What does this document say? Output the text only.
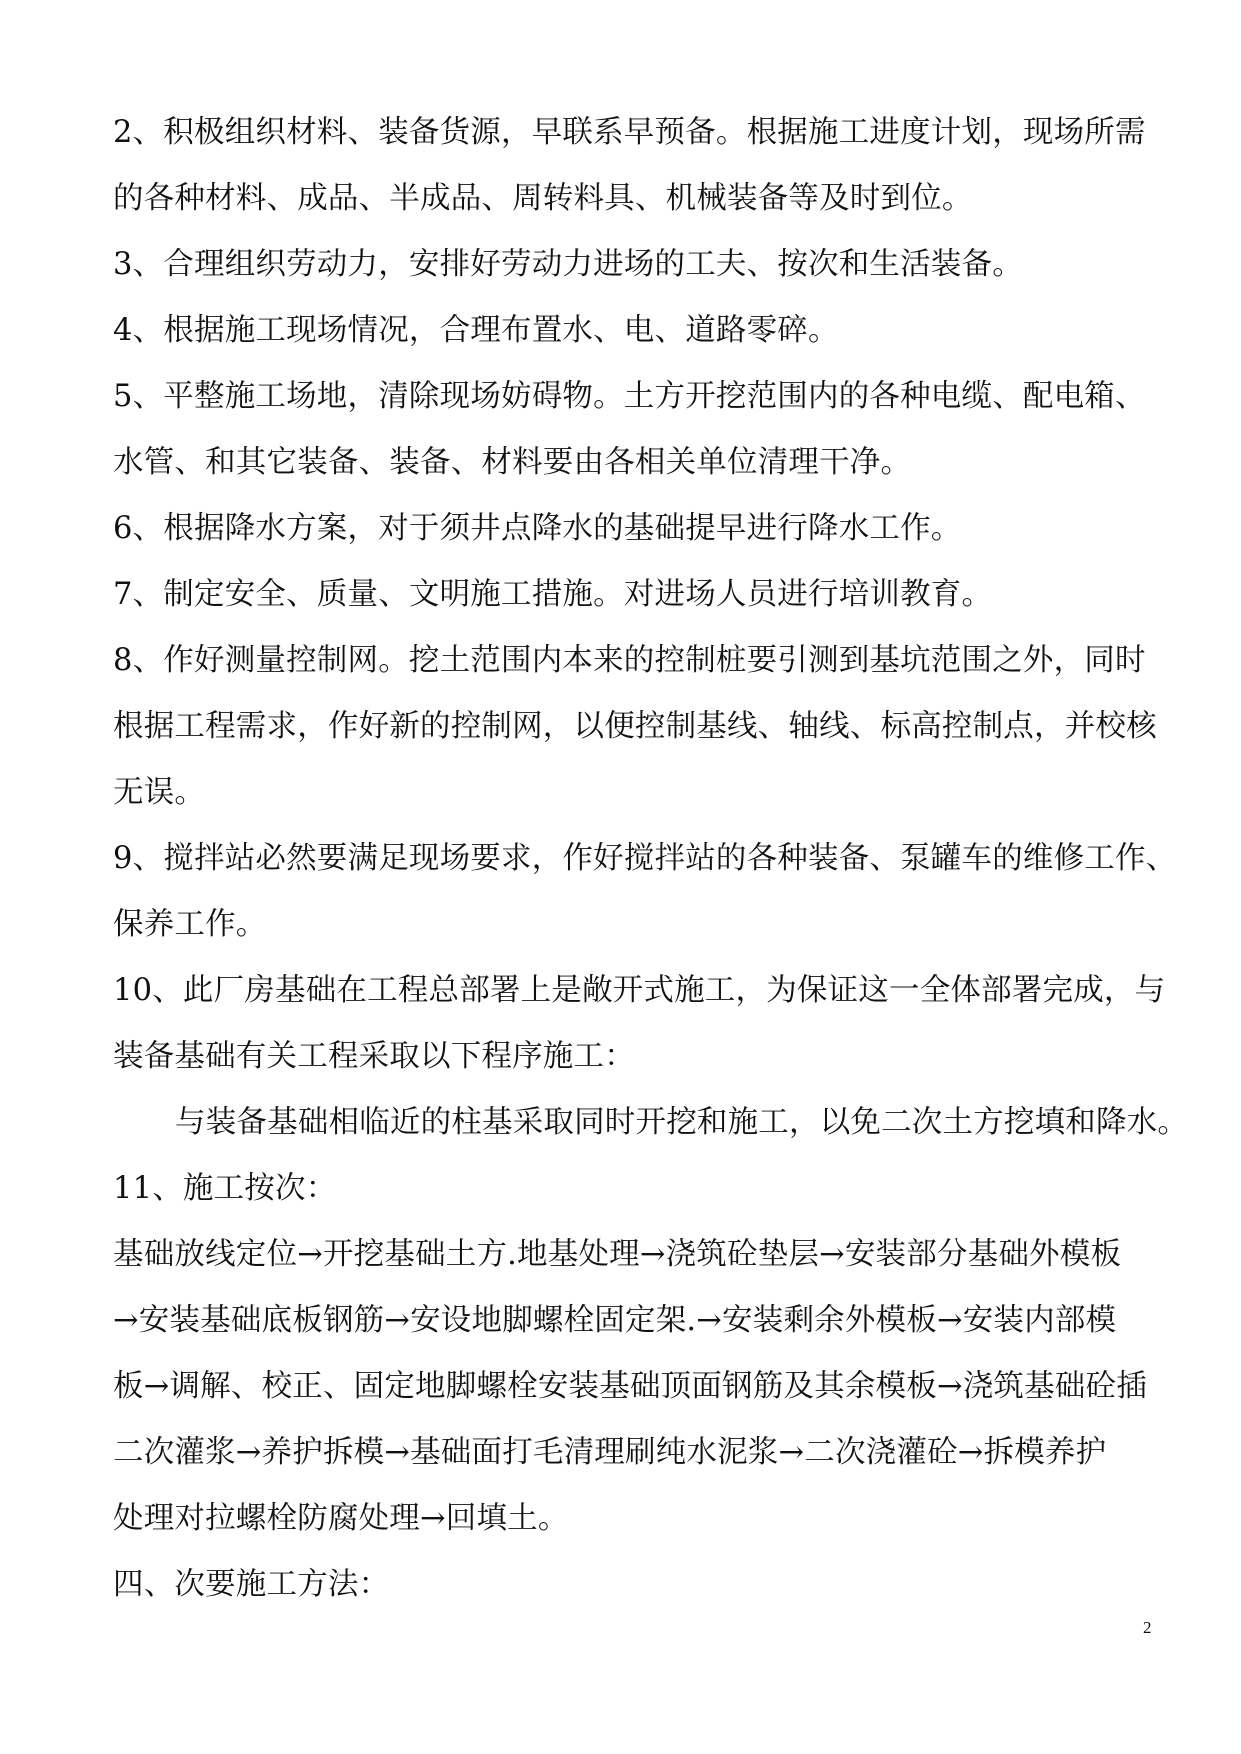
2、积极组织材料、装备货源，早联系早预备。根据施工进度计划，现场所需

的各种材料、成品、半成品、周转料具、机械装备等及时到位。

3、合理组织劳动力，安排好劳动力进场的工夫、按次和生活装备。

4、根据施工现场情况，合理布置水、电、道路零碎。

5、平整施工场地，清除现场妨碍物。土方开挖范围内的各种电缆、配电箱、

水管、和其它装备、装备、材料要由各相关单位清理干净。

6、根据降水方案，对于须井点降水的基础提早进行降水工作。

7、制定安全、质量、文明施工措施。对进场人员进行培训教育。

8、作好测量控制网。挖土范围内本来的控制桩要引测到基坑范围之外，同时

根据工程需求，作好新的控制网，以便控制基线、轴线、标高控制点，并校核

无误。

9、搅拌站必然要满足现场要求，作好搅拌站的各种装备、泵罐车的维修工作、

保养工作。

10、此厂房基础在工程总部署上是敞开式施工，为保证这一全体部署完成，与

装备基础有关工程采取以下程序施工：

与装备基础相临近的柱基采取同时开挖和施工，以免二次土方挖填和降水。

11、施工按次：

基础放线定位→开挖基础土方.地基处理→浇筑砼垫层→安装部分基础外模板

→安装基础底板钢筋→安设地脚螺栓固定架.→安装剩余外模板→安装内部模

板→调解、校正、固定地脚螺栓安装基础顶面钢筋及其余模板→浇筑基础砼插

二次灌浆→养护拆模→基础面打毛清理刷纯水泥浆→二次浇灌砼→拆模养护

处理对拉螺栓防腐处理→回填土。

四、次要施工方法：

2
